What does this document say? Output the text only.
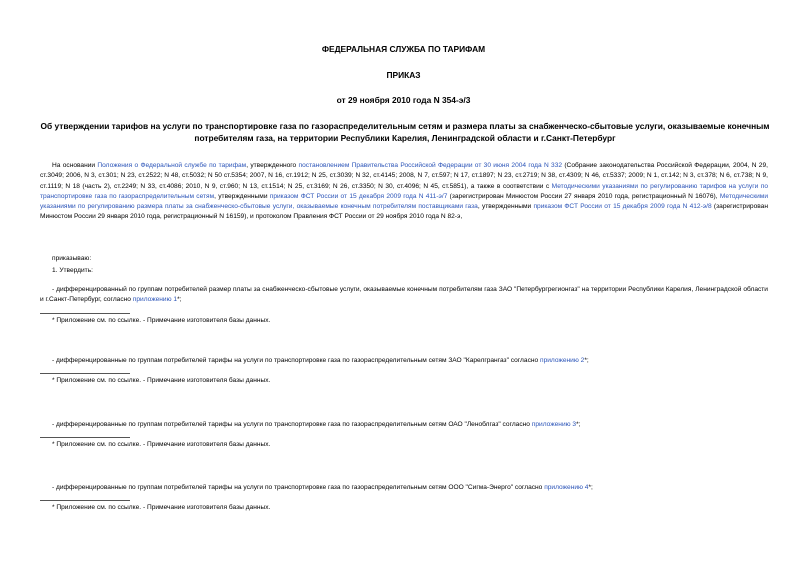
ФЕДЕРАЛЬНАЯ СЛУЖБА ПО ТАРИФАМ
ПРИКАЗ
от 29 ноября 2010 года N 354-э/3
Об утверждении тарифов на услуги по транспортировке газа по газораспределительным сетям и размера платы за снабженческо-сбытовые услуги, оказываемые конечным потребителям газа, на территории Республики Карелия, Ленинградской области и г.Санкт-Петербург
На основании Положения о Федеральной службе по тарифам, утвержденного постановлением Правительства Российской Федерации от 30 июня 2004 года N 332 (Собрание законодательства Российской Федерации, 2004, N 29, ст.3049; 2006, N 3, ст.301; N 23, ст.2522; N 48, ст.5032; N 50 ст.5354; 2007, N 16, ст.1912; N 25, ст.3039; N 32, ст.4145; 2008, N 7, ст.597; N 17, ст.1897; N 23, ст.2719; N 38, ст.4309; N 46, ст.5337; 2009; N 1, ст.142; N 3, ст.378; N 6, ст.738; N 9, ст.1119; N 18 (часть 2), ст.2249; N 33, ст.4086; 2010, N 9, ст.960; N 13, ст.1514; N 25, ст.3169; N 26, ст.3350; N 30, ст.4096; N 45, ст.5851), а также в соответствии с Методическими указаниями по регулированию тарифов на услуги по транспортировке газа по газораспределительным сетям, утвержденными приказом ФСТ России от 15 декабря 2009 года N 411-э/7 (зарегистрирован Минюстом России 27 января 2010 года, регистрационный N 16076), Методическими указаниями по регулированию размера платы за снабженческо-сбытовые услуги, оказываемые конечным потребителям поставщиками газа, утвержденными приказом ФСТ России от 15 декабря 2009 года N 412-э/8 (зарегистрирован Минюстом России 29 января 2010 года, регистрационный N 16159), и протоколом Правления ФСТ России от 29 ноября 2010 года N 82-э,
приказываю:
1. Утвердить:
- дифференцированный по группам потребителей размер платы за снабженческо-сбытовые услуги, оказываемые конечным потребителям газа ЗАО "Петербургрегионгаз" на территории Республики Карелия, Ленинградской области и г.Санкт-Петербург, согласно приложению 1*;
* Приложение см. по ссылке. - Примечание изготовителя базы данных.
- дифференцированные по группам потребителей тарифы на услуги по транспортировке газа по газораспределительным сетям ЗАО "Карелгрангаз" согласно приложению 2*;
* Приложение см. по ссылке. - Примечание изготовителя базы данных.
- дифференцированные по группам потребителей тарифы на услуги по транспортировке газа по газораспределительным сетям ОАО "Леноблгаз" согласно приложению 3*;
* Приложение см. по ссылке. - Примечание изготовителя базы данных.
- дифференцированные по группам потребителей тарифы на услуги по транспортировке газа по газораспределительным сетям ООО "Сигма-Энерго" согласно приложению 4*;
* Приложение см. по ссылке. - Примечание изготовителя базы данных.
